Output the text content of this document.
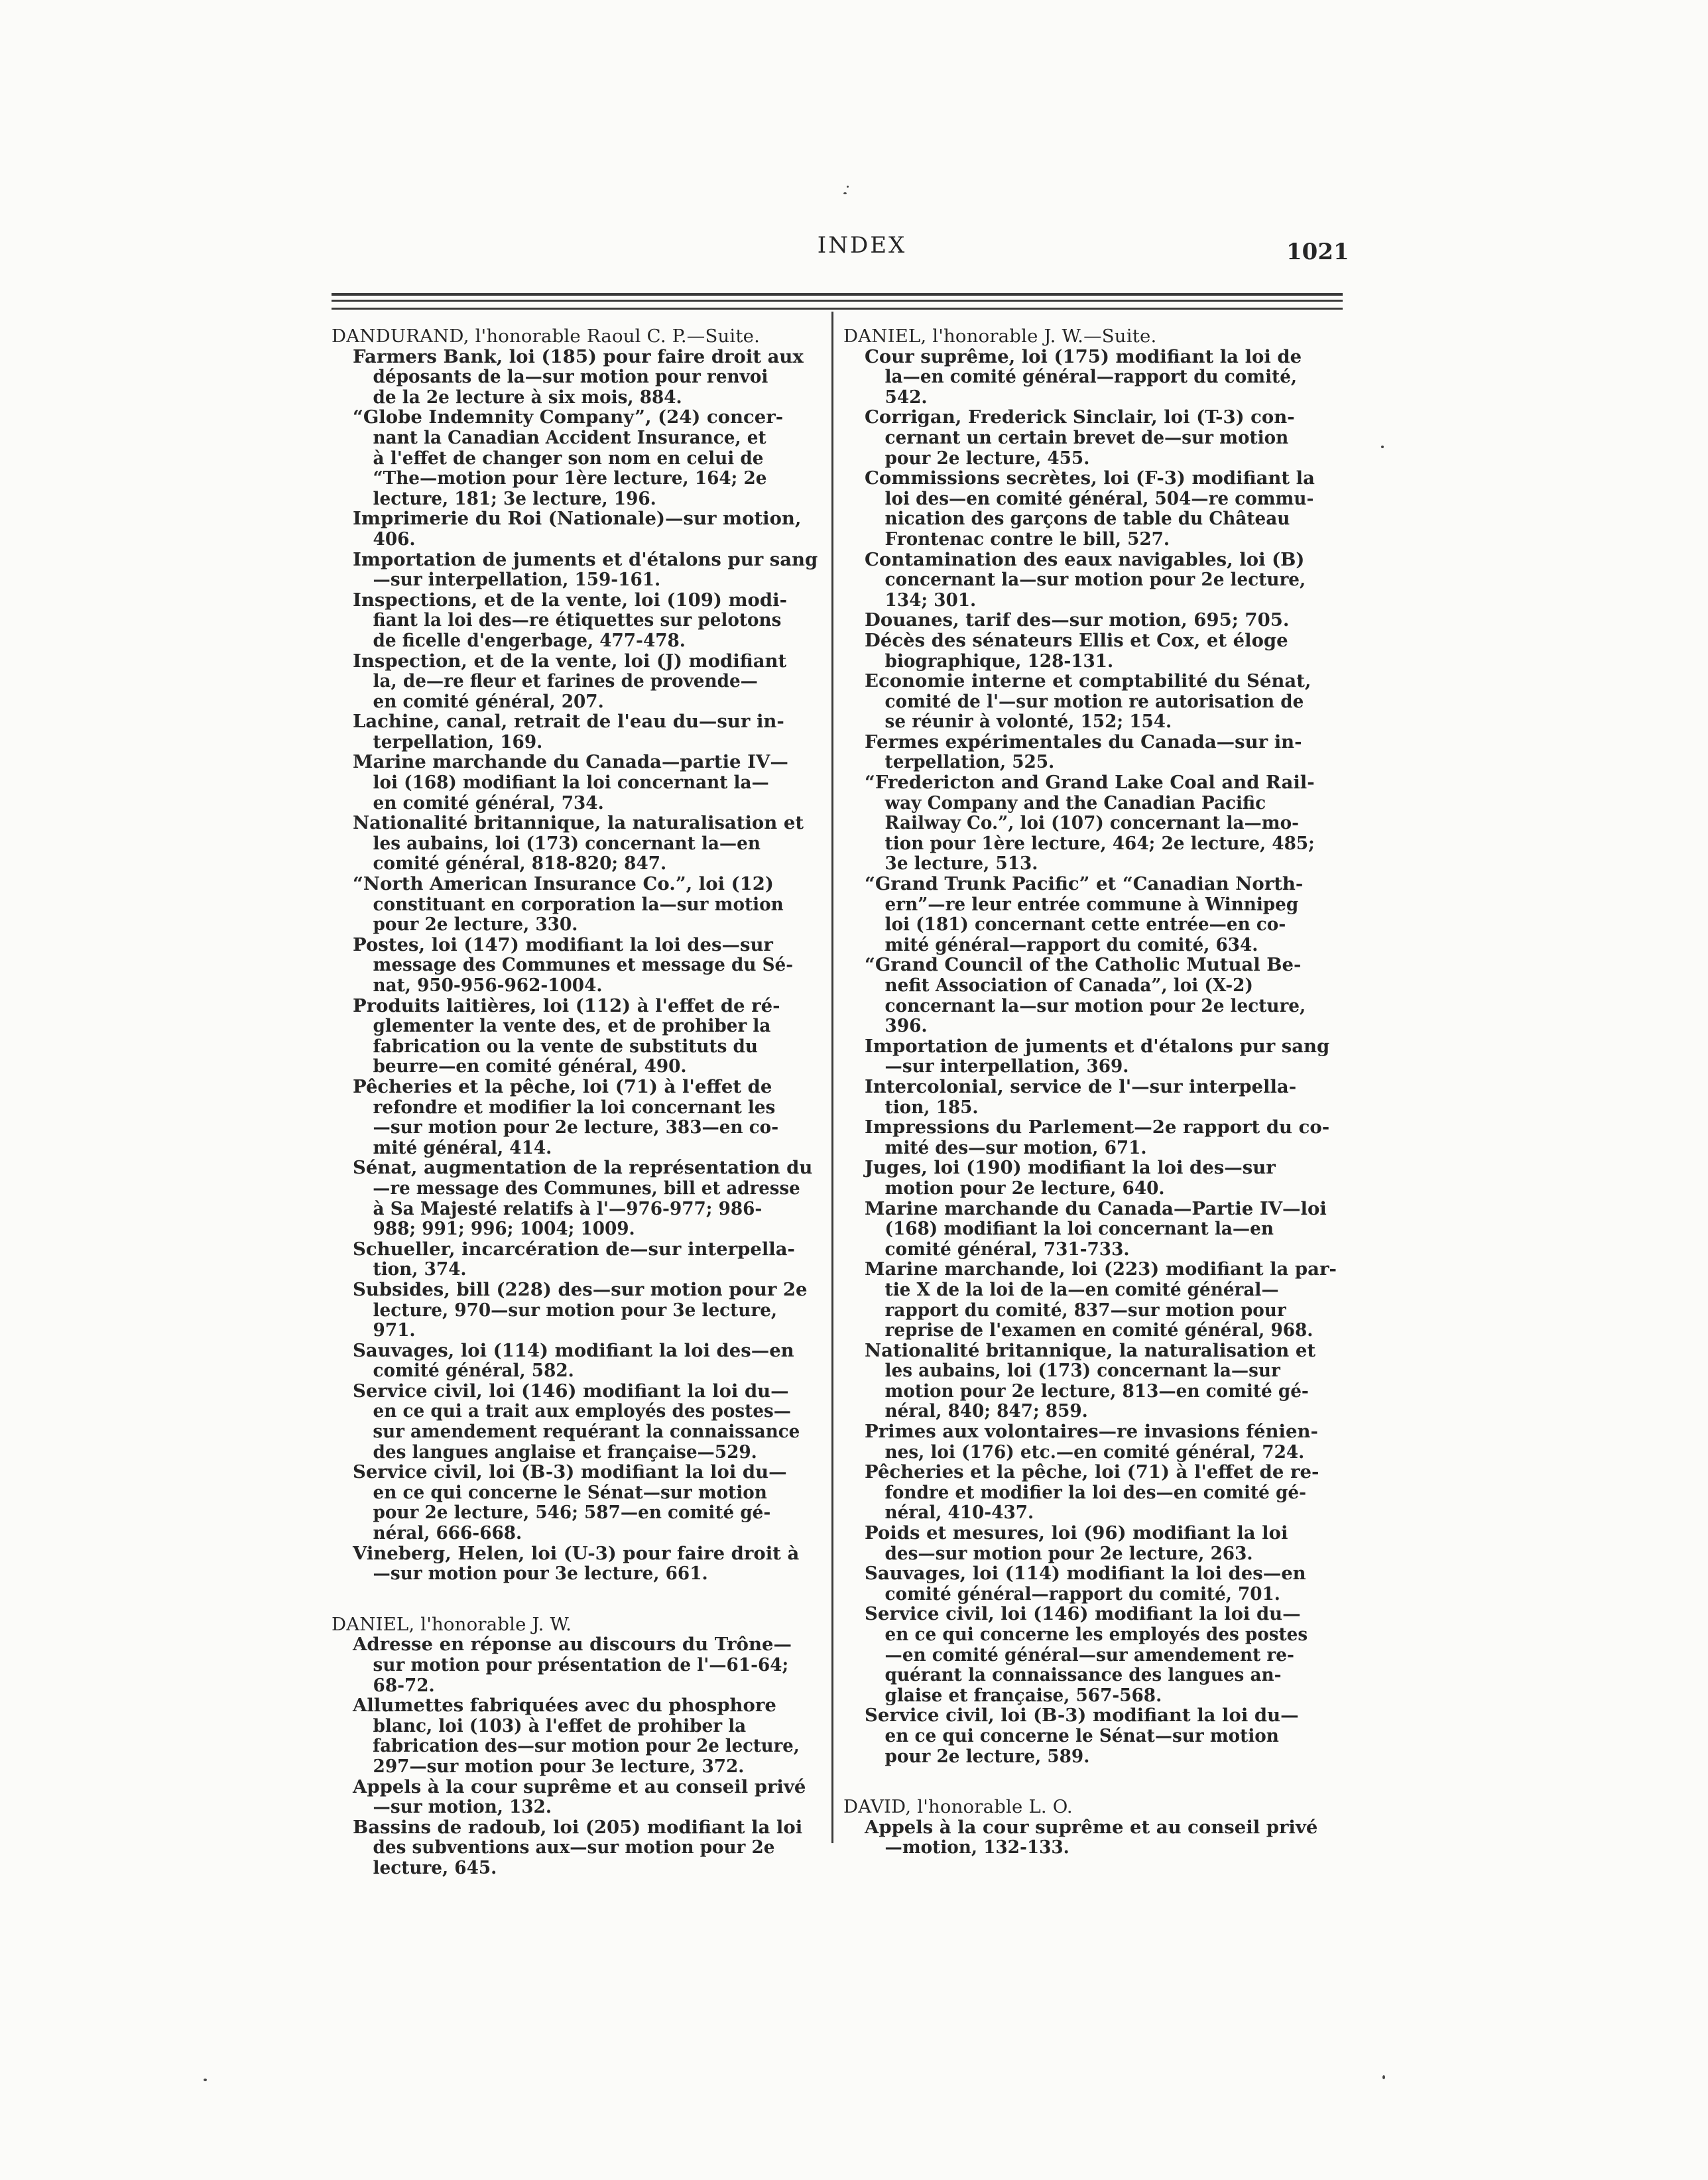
INDEX	1021
DANDURAND, l'honorable Raoul C. P.—Suite.
Farmers Bank, loi (185) pour faire droit aux
déposants de la—sur motion pour renvoi
de la 2e lecture à six mois, 884.
“Globe Indemnity Company”, (24) concer-
nant la Canadian Accident Insurance, et
à l'effet de changer son nom en celui de
“The—motion pour 1ère lecture, 164; 2e
lecture, 181; 3e lecture, 196.
Imprimerie du Roi (Nationale)—sur motion,
406.
Importation de juments et d'étalons pur sang
—sur interpellation, 159-161.
Inspections, et de la vente, loi (109) modi-
fiant la loi des—re étiquettes sur pelotons
de ficelle d'engerbage, 477-478.
Inspection, et de la vente, loi (J) modifiant
la, de—re fleur et farines de provende—
en comité général, 207.
Lachine, canal, retrait de l'eau du—sur in-
terpellation, 169.
Marine marchande du Canada—partie IV—
loi (168) modifiant la loi concernant la—
en comité général, 734.
Nationalité britannique, la naturalisation et
les aubains, loi (173) concernant la—en
comité général, 818-820; 847.
“North American Insurance Co.”, loi (12)
constituant en corporation la—sur motion
pour 2e lecture, 330.
Postes, loi (147) modifiant la loi des—sur
message des Communes et message du Sé-
nat, 950-956-962-1004.
Produits laitières, loi (112) à l'effet de ré-
glementer la vente des, et de prohiber la
fabrication ou la vente de substituts du
beurre—en comité général, 490.
Pêcheries et la pêche, loi (71) à l'effet de
refondre et modifier la loi concernant les
—sur motion pour 2e lecture, 383—en co-
mité général, 414.
Sénat, augmentation de la représentation du
—re message des Communes, bill et adresse
à Sa Majesté relatifs à l'—976-977; 986-
988; 991; 996; 1004; 1009.
Schueller, incarcération de—sur interpella-
tion, 374.
Subsides, bill (228) des—sur motion pour 2e
lecture, 970—sur motion pour 3e lecture,
971.
Sauvages, loi (114) modifiant la loi des—en
comité général, 582.
Service civil, loi (146) modifiant la loi du—
en ce qui a trait aux employés des postes—
sur amendement requérant la connaissance
des langues anglaise et française—529.
Service civil, loi (B-3) modifiant la loi du—
en ce qui concerne le Sénat—sur motion
pour 2e lecture, 546; 587—en comité gé-
néral, 666-668.
Vineberg, Helen, loi (U-3) pour faire droit à
—sur motion pour 3e lecture, 661.
DANIEL, l'honorable J. W.
Adresse en réponse au discours du Trône—
sur motion pour présentation de l'—61-64;
68-72.
Allumettes fabriquées avec du phosphore
blanc, loi (103) à l'effet de prohiber la
fabrication des—sur motion pour 2e lecture,
297—sur motion pour 3e lecture, 372.
Appels à la cour suprême et au conseil privé
—sur motion, 132.
Bassins de radoub, loi (205) modifiant la loi
des subventions aux—sur motion pour 2e
lecture, 645.
DANIEL, l'honorable J. W.—Suite.
Cour suprême, loi (175) modifiant la loi de
la—en comité général—rapport du comité,
542.
Corrigan, Frederick Sinclair, loi (T-3) con-
cernant un certain brevet de—sur motion
pour 2e lecture, 455.
Commissions secrètes, loi (F-3) modifiant la
loi des—en comité général, 504—re commu-
nication des garçons de table du Château
Frontenac contre le bill, 527.
Contamination des eaux navigables, loi (B)
concernant la—sur motion pour 2e lecture,
134; 301.
Douanes, tarif des—sur motion, 695; 705.
Décès des sénateurs Ellis et Cox, et éloge
biographique, 128-131.
Economie interne et comptabilité du Sénat,
comité de l'—sur motion re autorisation de
se réunir à volonté, 152; 154.
Fermes expérimentales du Canada—sur in-
terpellation, 525.
“Fredericton and Grand Lake Coal and Rail-
way Company and the Canadian Pacific
Railway Co.”, loi (107) concernant la—mo-
tion pour 1ère lecture, 464; 2e lecture, 485;
3e lecture, 513.
“Grand Trunk Pacific” et “Canadian North-
ern”—re leur entrée commune à Winnipeg
loi (181) concernant cette entrée—en co-
mité général—rapport du comité, 634.
“Grand Council of the Catholic Mutual Be-
nefit Association of Canada”, loi (X-2)
concernant la—sur motion pour 2e lecture,
396.
Importation de juments et d'étalons pur sang
—sur interpellation, 369.
Intercolonial, service de l'—sur interpella-
tion, 185.
Impressions du Parlement—2e rapport du co-
mité des—sur motion, 671.
Juges, loi (190) modifiant la loi des—sur
motion pour 2e lecture, 640.
Marine marchande du Canada—Partie IV—loi
(168) modifiant la loi concernant la—en
comité général, 731-733.
Marine marchande, loi (223) modifiant la par-
tie X de la loi de la—en comité général—
rapport du comité, 837—sur motion pour
reprise de l'examen en comité général, 968.
Nationalité britannique, la naturalisation et
les aubains, loi (173) concernant la—sur
motion pour 2e lecture, 813—en comité gé-
néral, 840; 847; 859.
Primes aux volontaires—re invasions fénien-
nes, loi (176) etc.—en comité général, 724.
Pêcheries et la pêche, loi (71) à l'effet de re-
fondre et modifier la loi des—en comité gé-
néral, 410-437.
Poids et mesures, loi (96) modifiant la loi
des—sur motion pour 2e lecture, 263.
Sauvages, loi (114) modifiant la loi des—en
comité général—rapport du comité, 701.
Service civil, loi (146) modifiant la loi du—
en ce qui concerne les employés des postes
—en comité général—sur amendement re-
quérant la connaissance des langues an-
glaise et française, 567-568.
Service civil, loi (B-3) modifiant la loi du—
en ce qui concerne le Sénat—sur motion
pour 2e lecture, 589.
DAVID, l'honorable L. O.
Appels à la cour suprême et au conseil privé
—motion, 132-133.
